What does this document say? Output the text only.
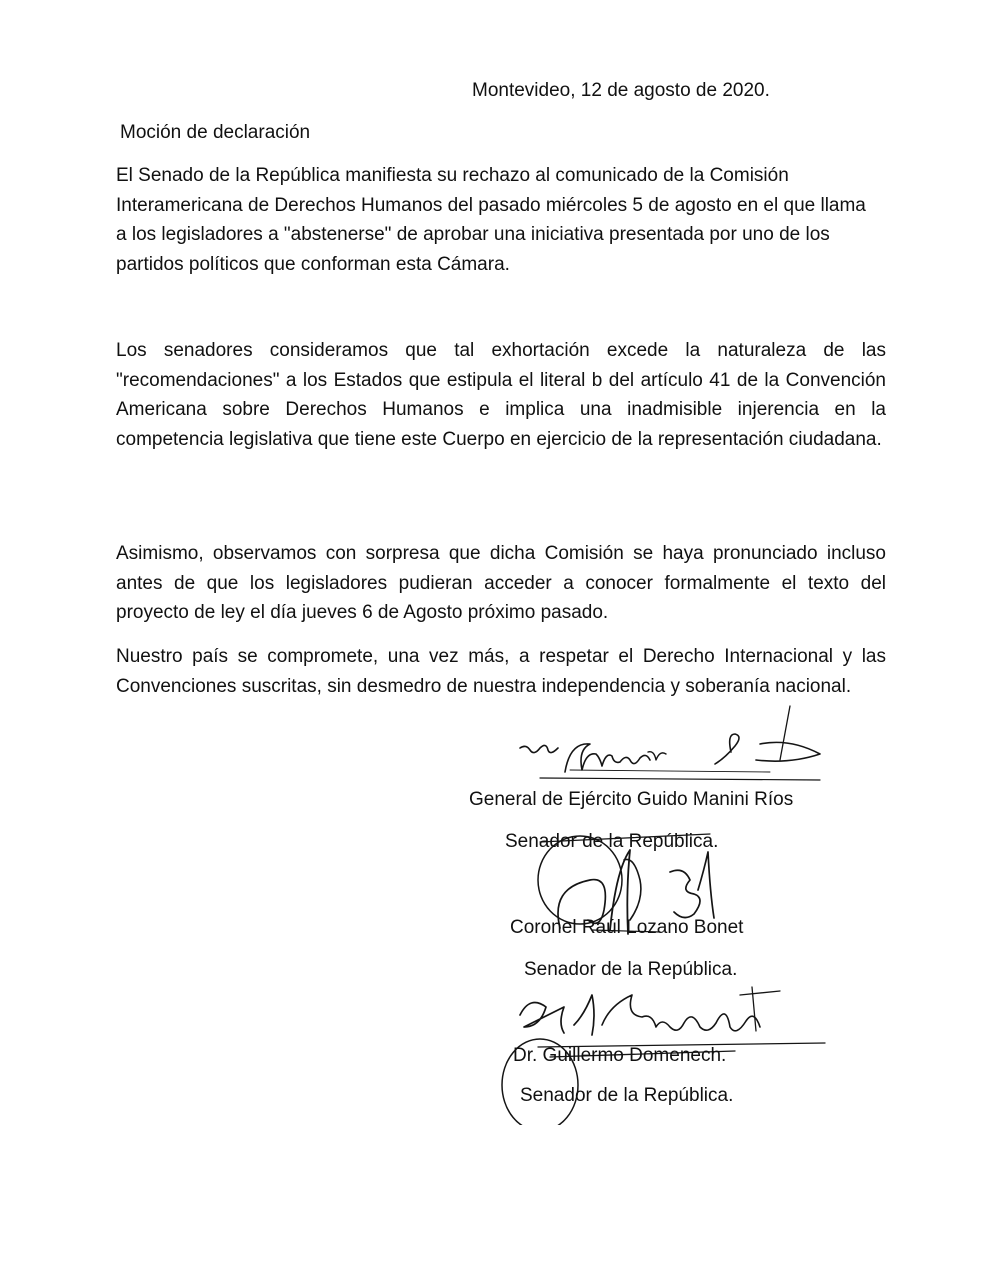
Montevideo, 12 de agosto de 2020.
Moción de declaración
El Senado de la República manifiesta su rechazo al comunicado de la Comisión Interamericana de Derechos Humanos del pasado miércoles 5 de agosto en el que llama a los legisladores a "abstenerse" de aprobar una iniciativa presentada por uno de los partidos políticos que conforman esta Cámara.
Los senadores consideramos que tal exhortación excede la naturaleza de las "recomendaciones" a los Estados que estipula el literal b del artículo 41 de la Convención Americana sobre Derechos Humanos e implica una inadmisible injerencia en la competencia legislativa que tiene este Cuerpo en ejercicio de la representación ciudadana.
Asimismo, observamos con sorpresa que dicha Comisión se haya pronunciado incluso antes de que los legisladores pudieran acceder a conocer formalmente el texto del proyecto de ley el día jueves 6 de Agosto próximo pasado.
Nuestro país se compromete, una vez más, a respetar el Derecho Internacional y las Convenciones suscritas, sin desmedro de nuestra independencia y soberanía nacional.
General de Ejército Guido Manini Ríos
Senador de la República.
Coronel Raúl Lozano Bonet
Senador de la República.
Dr. Guillermo Domenech.
Senador de la República.
